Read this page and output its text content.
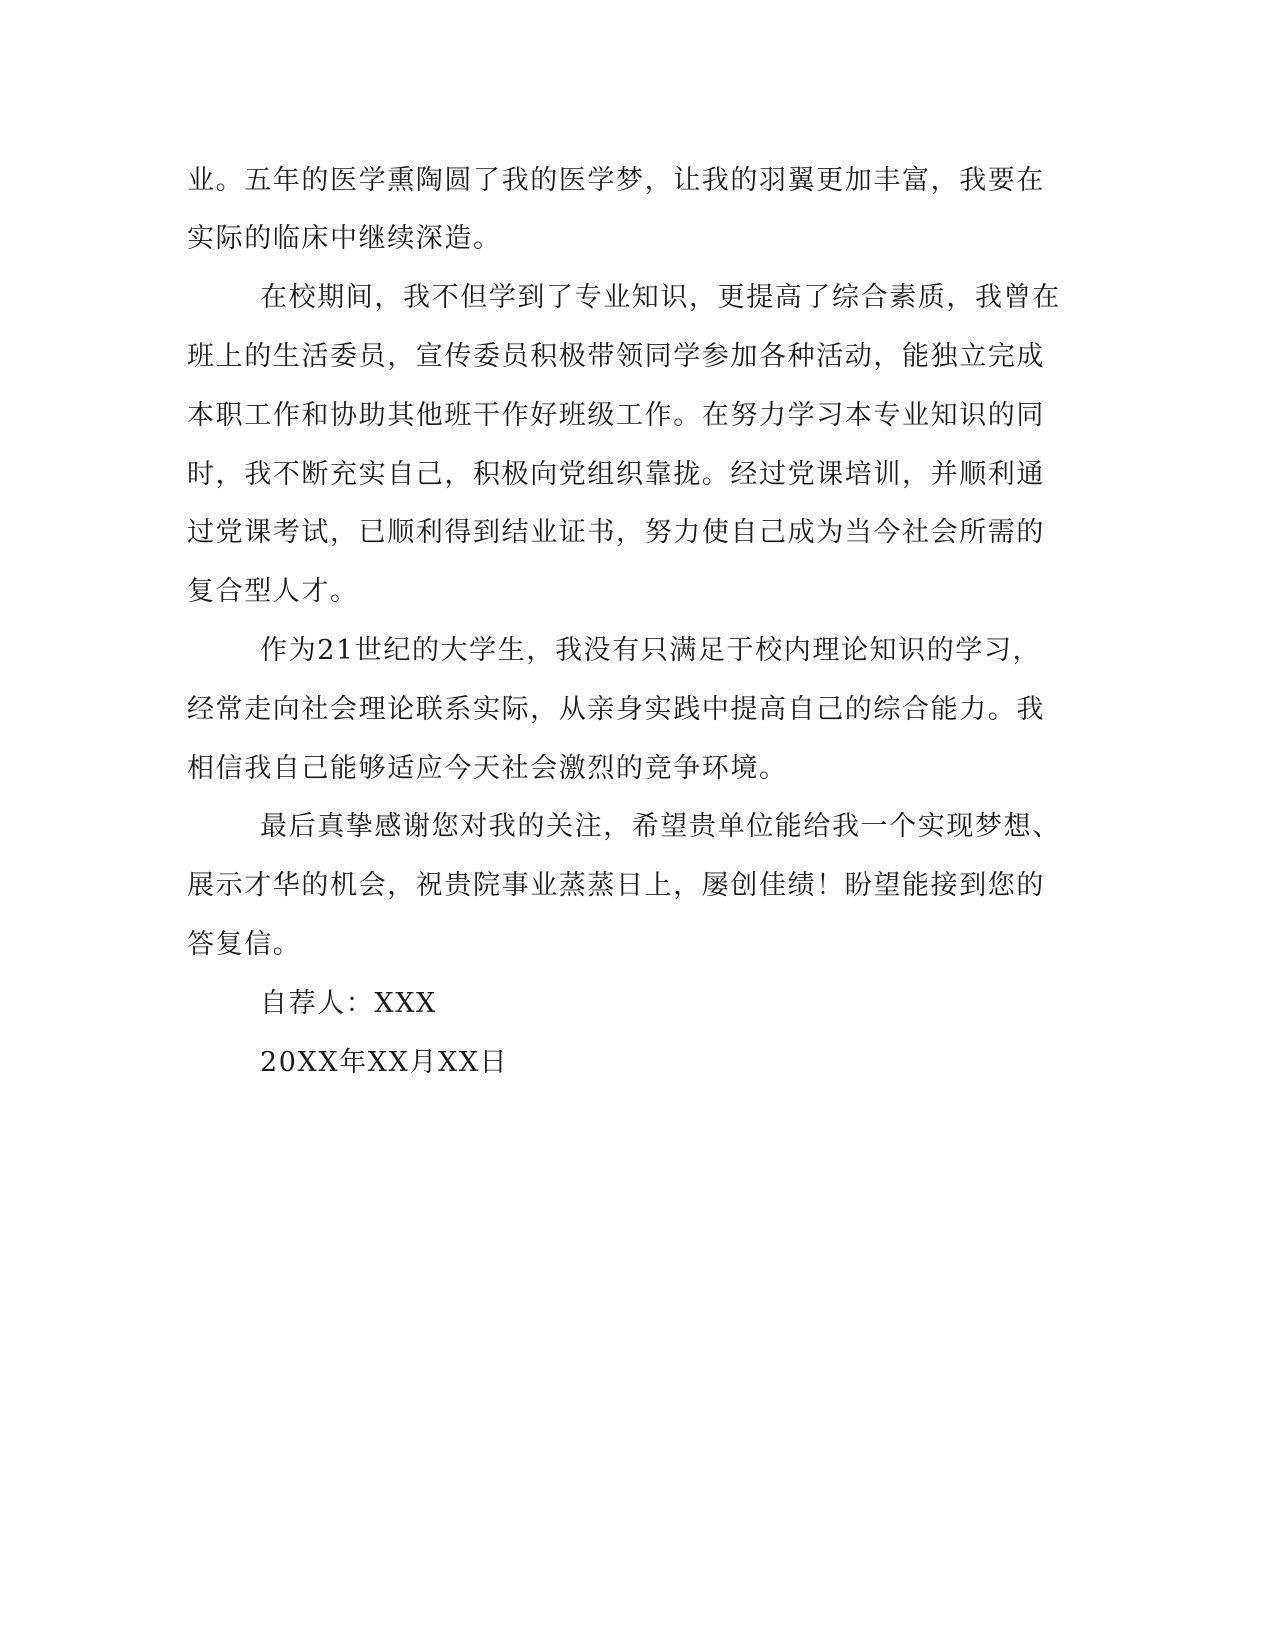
业。五年的医学熏陶圆了我的医学梦，让我的羽翼更加丰富，我要在
实际的临床中继续深造。
在校期间，我不但学到了专业知识，更提高了综合素质，我曾在
班上的生活委员，宣传委员积极带领同学参加各种活动，能独立完成
本职工作和协助其他班干作好班级工作。在努力学习本专业知识的同
时，我不断充实自己，积极向党组织靠拢。经过党课培训，并顺利通
过党课考试，已顺利得到结业证书，努力使自己成为当今社会所需的
复合型人才。
作为21世纪的大学生，我没有只满足于校内理论知识的学习，
经常走向社会理论联系实际，从亲身实践中提高自己的综合能力。我
相信我自己能够适应今天社会激烈的竞争环境。
最后真挚感谢您对我的关注，希望贵单位能给我一个实现梦想、
展示才华的机会，祝贵院事业蒸蒸日上，屡创佳绩！盼望能接到您的
答复信。
自荐人：XXX
20XX年XX月XX日
